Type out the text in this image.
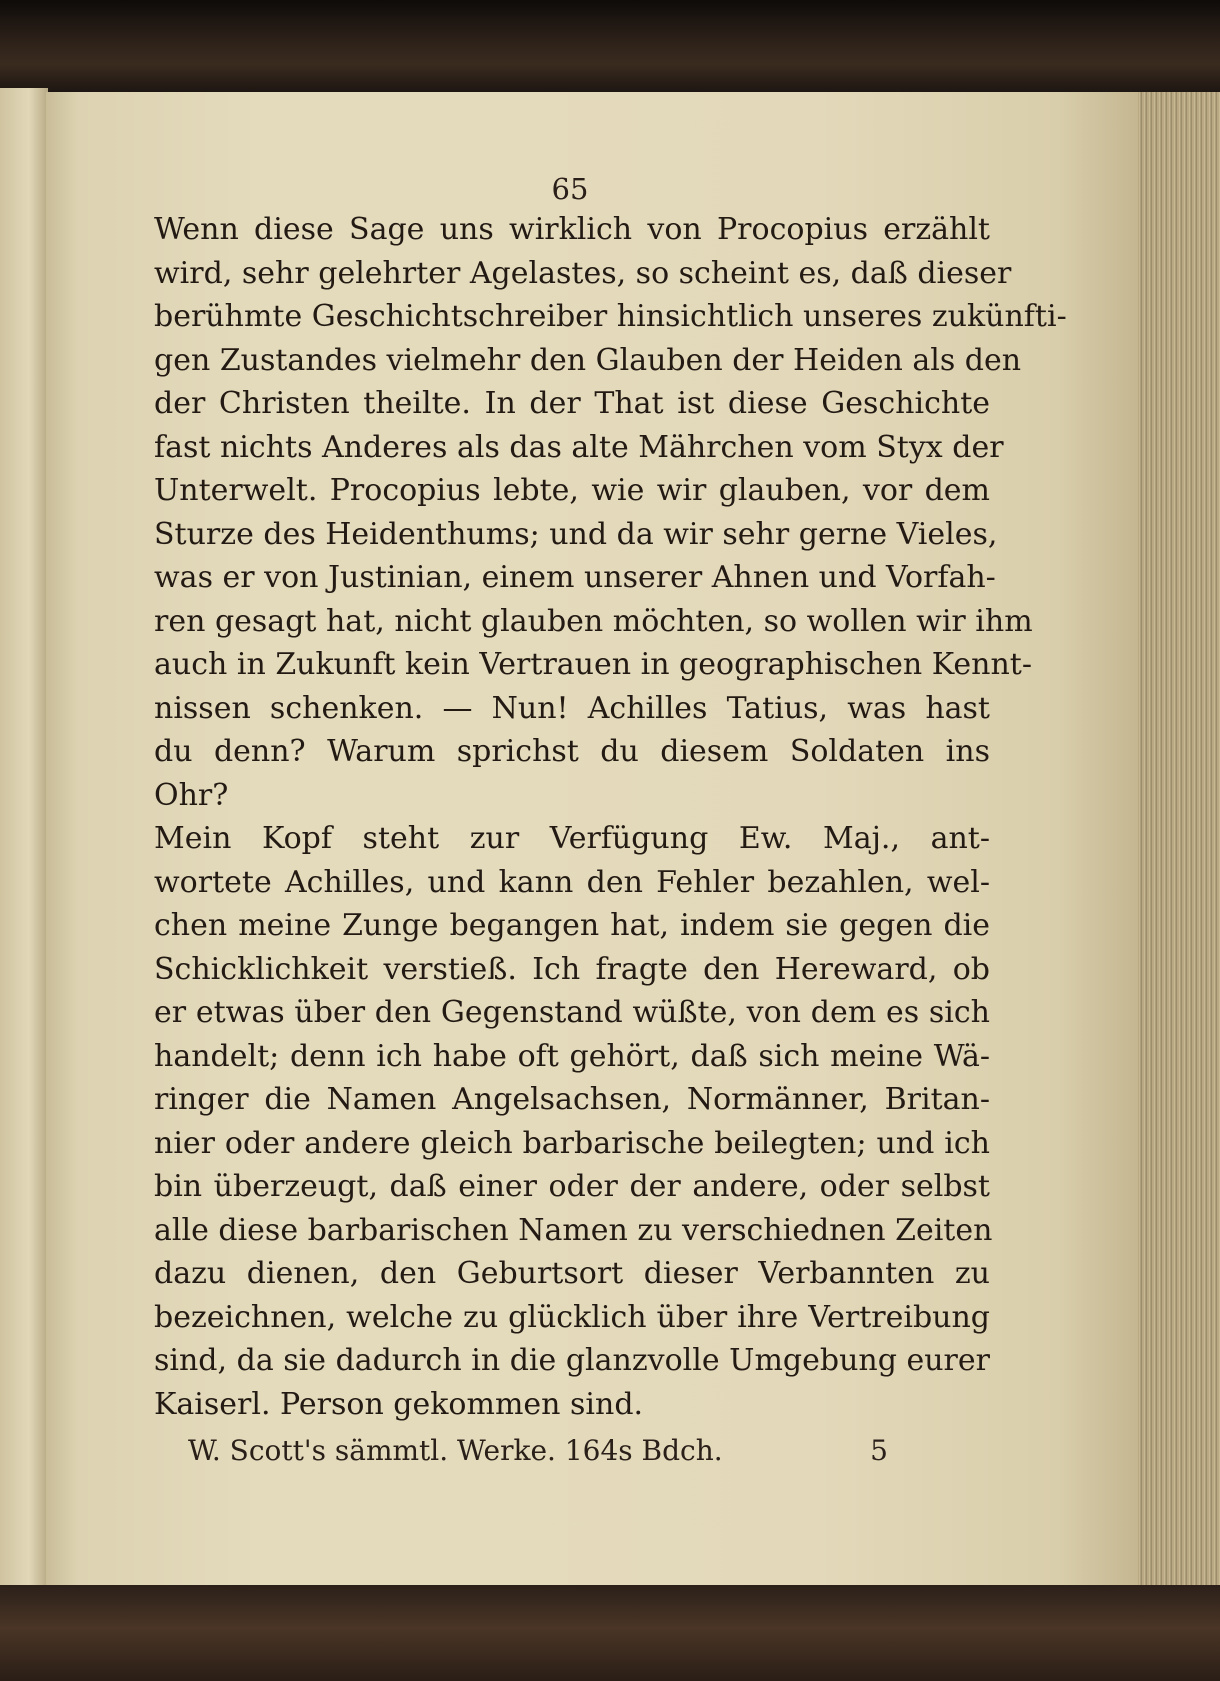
65
Wenn diese Sage uns wirklich von Procopius erzählt
wird, sehr gelehrter Agelastes, so scheint es, daß dieser
berühmte Geschichtschreiber hinsichtlich unseres zukünfti-
gen Zustandes vielmehr den Glauben der Heiden als den
der Christen theilte. In der That ist diese Geschichte
fast nichts Anderes als das alte Mährchen vom Styx der
Unterwelt. Procopius lebte, wie wir glauben, vor dem
Sturze des Heidenthums; und da wir sehr gerne Vieles,
was er von Justinian, einem unserer Ahnen und Vorfah-
ren gesagt hat, nicht glauben möchten, so wollen wir ihm
auch in Zukunft kein Vertrauen in geographischen Kennt-
nissen schenken. — Nun! Achilles Tatius, was hast
du denn? Warum sprichst du diesem Soldaten ins
Ohr?
Mein Kopf steht zur Verfügung Ew. Maj., ant-
wortete Achilles, und kann den Fehler bezahlen, wel-
chen meine Zunge begangen hat, indem sie gegen die
Schicklichkeit verstieß. Ich fragte den Hereward, ob
er etwas über den Gegenstand wüßte, von dem es sich
handelt; denn ich habe oft gehört, daß sich meine Wä-
ringer die Namen Angelsachsen, Normänner, Britan-
nier oder andere gleich barbarische beilegten; und ich
bin überzeugt, daß einer oder der andere, oder selbst
alle diese barbarischen Namen zu verschiednen Zeiten
dazu dienen, den Geburtsort dieser Verbannten zu
bezeichnen, welche zu glücklich über ihre Vertreibung
sind, da sie dadurch in die glanzvolle Umgebung eurer
Kaiserl. Person gekommen sind.
W. Scott's sämmtl. Werke. 164s Bdch.	5
